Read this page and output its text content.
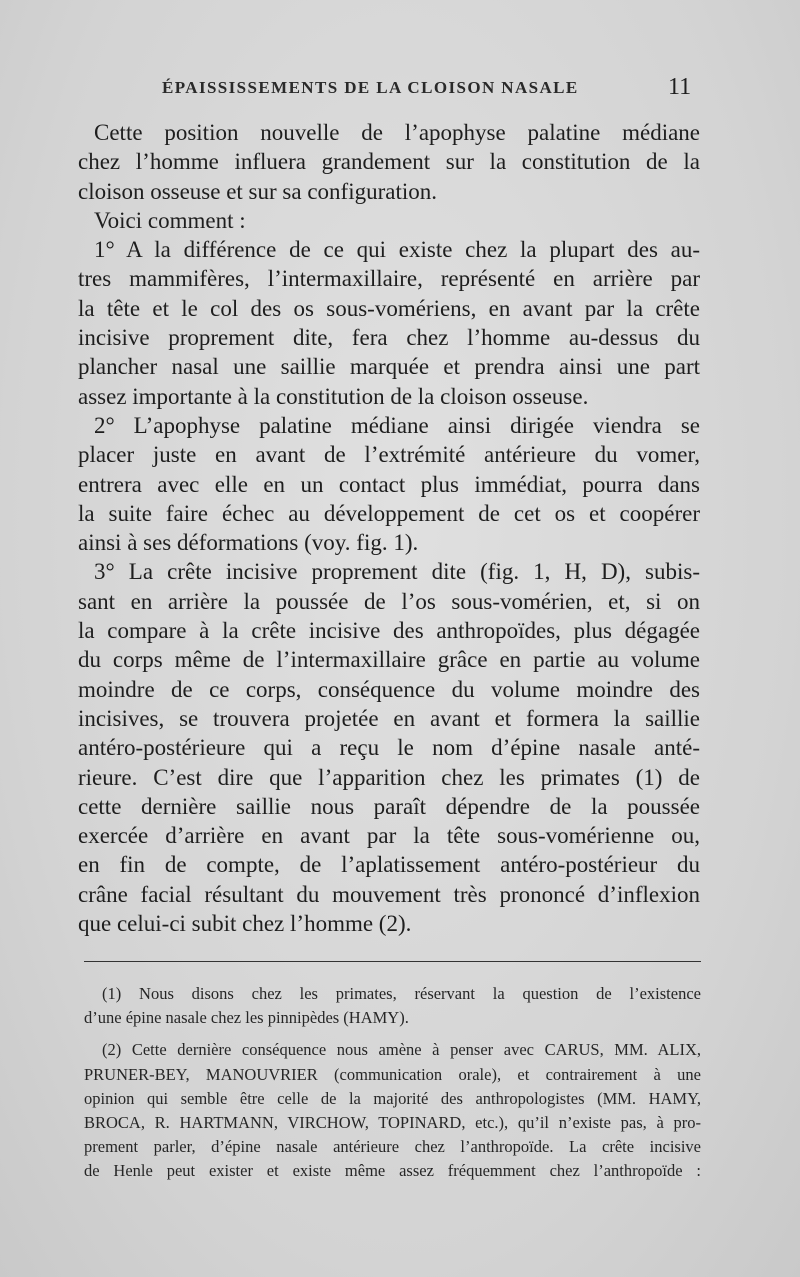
ÉPAISSISSEMENTS DE LA CLOISON NASALE	11
Cette position nouvelle de l’apophyse palatine médiane
chez l’homme influera grandement sur la constitution de la
cloison osseuse et sur sa configuration.
Voici comment :
1° A la différence de ce qui existe chez la plupart des au-
tres mammifères, l’intermaxillaire, représenté en arrière par
la tête et le col des os sous-vomériens, en avant par la crête
incisive proprement dite, fera chez l’homme au-dessus du
plancher nasal une saillie marquée et prendra ainsi une part
assez importante à la constitution de la cloison osseuse.
2° L’apophyse palatine médiane ainsi dirigée viendra se
placer juste en avant de l’extrémité antérieure du vomer,
entrera avec elle en un contact plus immédiat, pourra dans
la suite faire échec au développement de cet os et coopérer
ainsi à ses déformations (voy. fig. 1).
3° La crête incisive proprement dite (fig. 1, H, D), subis-
sant en arrière la poussée de l’os sous-vomérien, et, si on
la compare à la crête incisive des anthropoïdes, plus dégagée
du corps même de l’intermaxillaire grâce en partie au volume
moindre de ce corps, conséquence du volume moindre des
incisives, se trouvera projetée en avant et formera la saillie
antéro-postérieure qui a reçu le nom d’épine nasale anté-
rieure. C’est dire que l’apparition chez les primates (1) de
cette dernière saillie nous paraît dépendre de la poussée
exercée d’arrière en avant par la tête sous-vomérienne ou,
en fin de compte, de l’aplatissement antéro-postérieur du
crâne facial résultant du mouvement très prononcé d’inflexion
que celui-ci subit chez l’homme (2).
(1) Nous disons chez les primates, réservant la question de l’existence
d’une épine nasale chez les pinnipèdes (HAMY).
(2) Cette dernière conséquence nous amène à penser avec CARUS, MM. ALIX,
PRUNER-BEY, MANOUVRIER (communication orale), et contrairement à une
opinion qui semble être celle de la majorité des anthropologistes (MM. HAMY,
BROCA, R. HARTMANN, VIRCHOW, TOPINARD, etc.), qu’il n’existe pas, à pro-
prement parler, d’épine nasale antérieure chez l’anthropoïde. La crête incisive
de Henle peut exister et existe même assez fréquemment chez l’anthropoïde :
